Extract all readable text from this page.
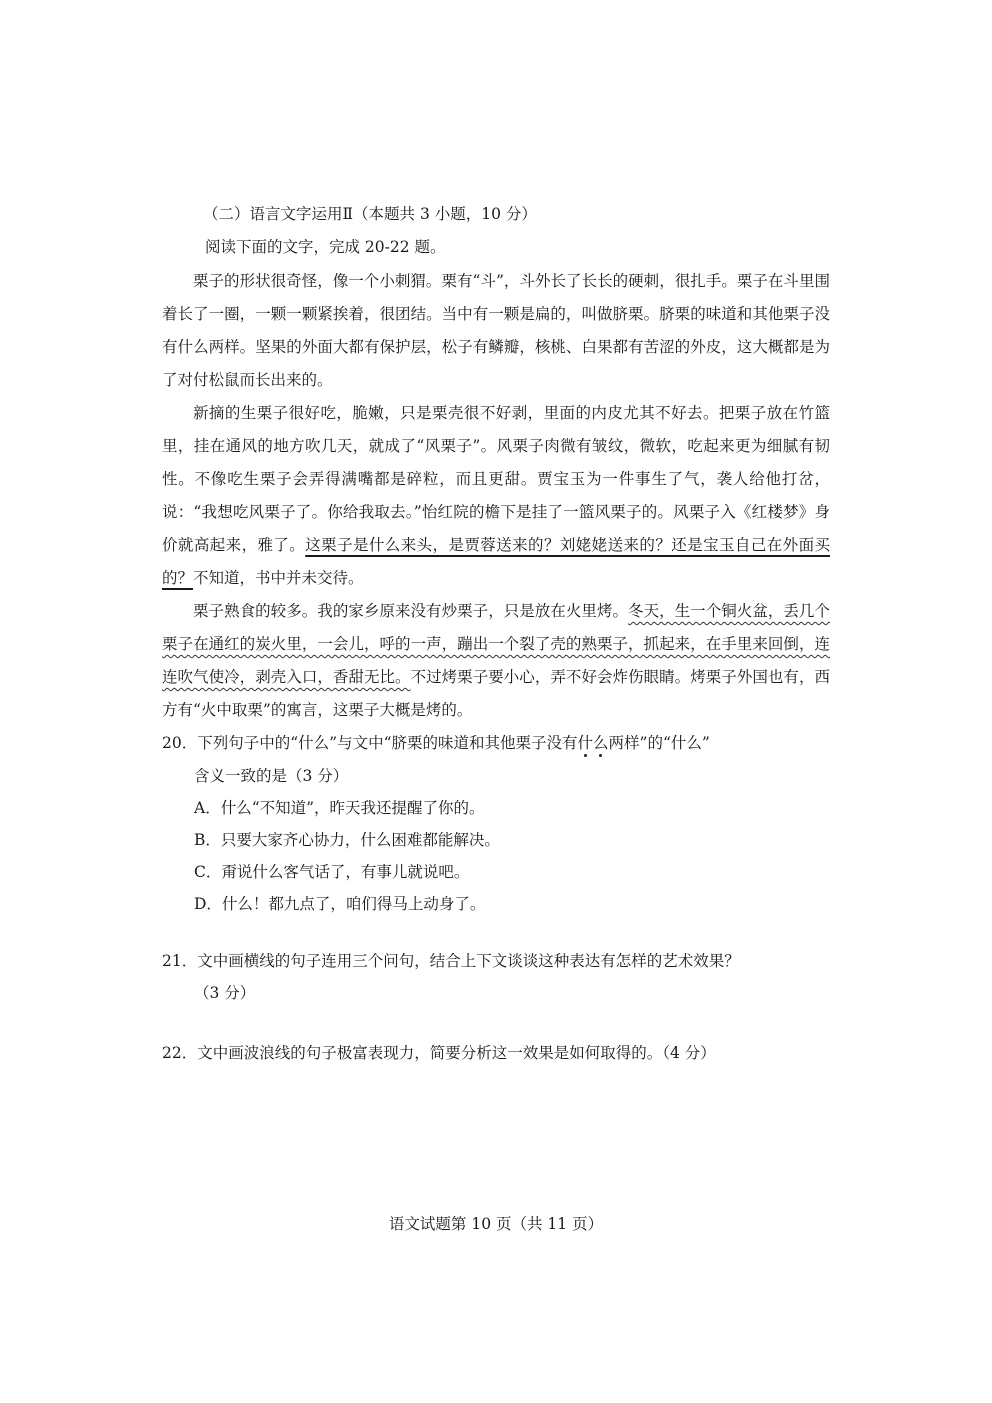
（二）语言文字运用Ⅱ（本题共 3 小题，10 分）
阅读下面的文字，完成 20-22 题。

栗子的形状很奇怪，像一个小刺猬。栗有“斗”，斗外长了长长的硬刺，很扎手。栗子在斗里围着长了一圈，一颗一颗紧挨着，很团结。当中有一颗是扁的，叫做脐栗。脐栗的味道和其他栗子没有什么两样。坚果的外面大都有保护层，松子有鳞瓣，核桃、白果都有苦涩的外皮，这大概都是为了对付松鼠而长出来的。

新摘的生栗子很好吃，脆嫩，只是栗壳很不好剥，里面的内皮尤其不好去。把栗子放在竹篮里，挂在通风的地方吹几天，就成了“风栗子”。风栗子肉微有皱纹，微软，吃起来更为细腻有韧性。不像吃生栗子会弄得满嘴都是碎粒，而且更甜。贾宝玉为一件事生了气，袭人给他打岔，说：“我想吃风栗子了。你给我取去。”怡红院的檐下是挂了一篮风栗子的。风栗子入《红楼梦》身价就高起来，雅了。这栗子是什么来头，是贾蓉送来的？刘姥姥送来的？还是宝玉自己在外面买的？不知道，书中并未交待。

栗子熟食的较多。我的家乡原来没有炒栗子，只是放在火里烤。冬天，生一个铜火盆，丢几个栗子在通红的炭火里，一会儿，呼的一声，蹦出一个裂了壳的熟栗子，抓起来，在手里来回倒，连连吹气使冷，剥壳入口，香甜无比。不过烤栗子要小心，弄不好会炸伤眼睛。烤栗子外国也有，西方有“火中取栗”的寓言，这栗子大概是烤的。

20．下列句子中的“什么”与文中“脐栗的味道和其他栗子没有什么两样”的“什么”
含义一致的是（3 分）
A．什么“不知道”，昨天我还提醒了你的。
B．只要大家齐心协力，什么困难都能解决。
C．甭说什么客气话了，有事儿就说吧。
D．什么！都九点了，咱们得马上动身了。
21．文中画横线的句子连用三个问句，结合上下文谈谈这种表达有怎样的艺术效果？
（3 分）
22．文中画波浪线的句子极富表现力，简要分析这一效果是如何取得的。（4 分）
语文试题第 10 页（共 11 页）
